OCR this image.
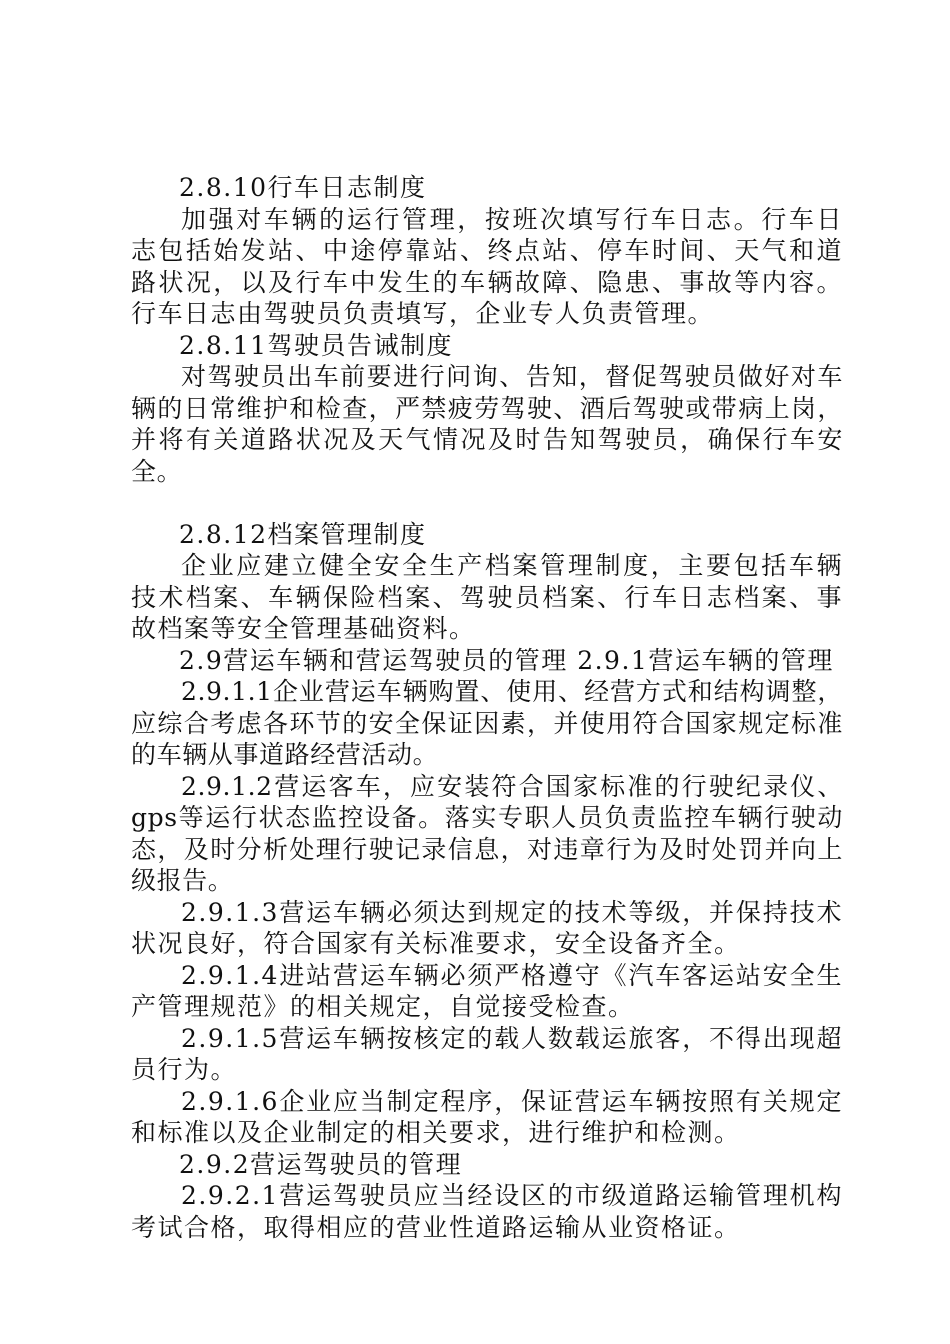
2.8.10行车日志制度

加强对车辆的运行管理，按班次填写行车日志。行车日志包括始发站、中途停靠站、终点站、停车时间、天气和道路状况，以及行车中发生的车辆故障、隐患、事故等内容。行车日志由驾驶员负责填写，企业专人负责管理。

2.8.11驾驶员告诫制度

对驾驶员出车前要进行问询、告知，督促驾驶员做好对车辆的日常维护和检查，严禁疲劳驾驶、酒后驾驶或带病上岗，并将有关道路状况及天气情况及时告知驾驶员，确保行车安全。

2.8.12档案管理制度

企业应建立健全安全生产档案管理制度，主要包括车辆技术档案、车辆保险档案、驾驶员档案、行车日志档案、事故档案等安全管理基础资料。

2.9营运车辆和营运驾驶员的管理 2.9.1营运车辆的管理

2.9.1.1企业营运车辆购置、使用、经营方式和结构调整，应综合考虑各环节的安全保证因素，并使用符合国家规定标准的车辆从事道路经营活动。

2.9.1.2营运客车，应安装符合国家标准的行驶纪录仪、gps等运行状态监控设备。落实专职人员负责监控车辆行驶动态，及时分析处理行驶记录信息，对违章行为及时处罚并向上级报告。

2.9.1.3营运车辆必须达到规定的技术等级，并保持技术状况良好，符合国家有关标准要求，安全设备齐全。

2.9.1.4进站营运车辆必须严格遵守《汽车客运站安全生产管理规范》的相关规定，自觉接受检查。

2.9.1.5营运车辆按核定的载人数载运旅客，不得出现超员行为。

2.9.1.6企业应当制定程序，保证营运车辆按照有关规定和标准以及企业制定的相关要求，进行维护和检测。

2.9.2营运驾驶员的管理

2.9.2.1营运驾驶员应当经设区的市级道路运输管理机构考试合格，取得相应的营业性道路运输从业资格证。
